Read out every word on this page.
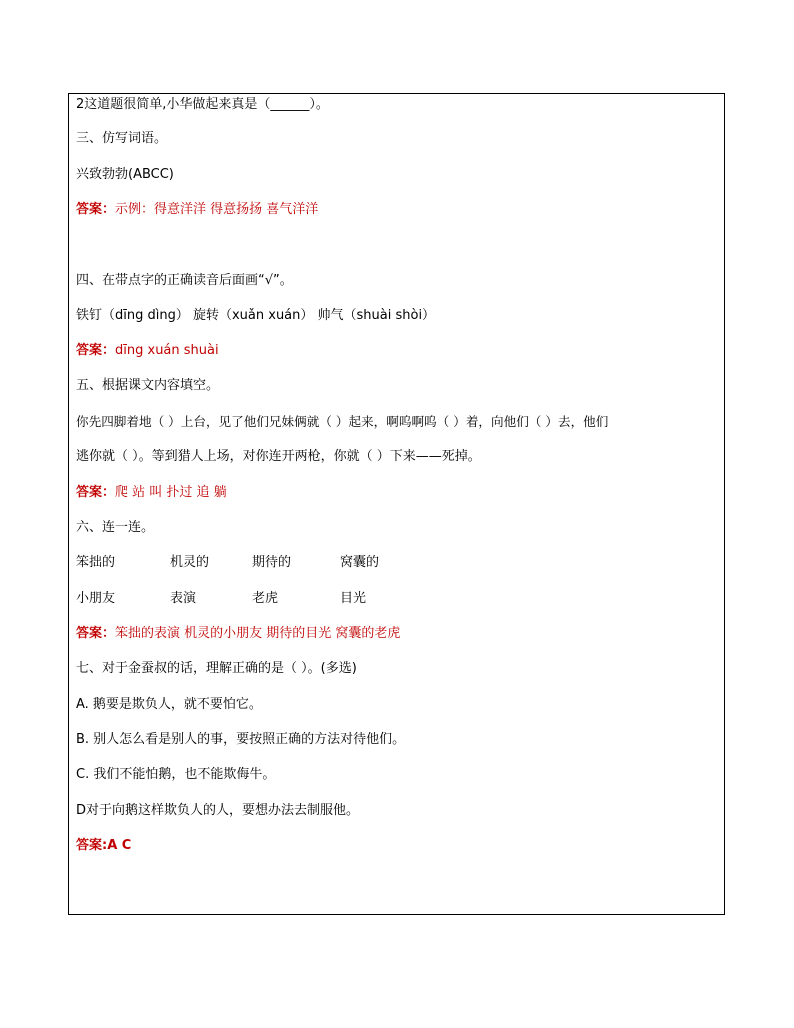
2这道题很简单,小华做起来真是（______）。
三、仿写词语。
兴致勃勃(ABCC)
答案：示例：得意洋洋 得意扬扬 喜气洋洋
四、在带点字的正确读音后面画“√”。
铁钉（dīng dìng） 旋转（xuǎn xuán） 帅气（shuài shòi）
答案：dīng xuán shuài
五、根据课文内容填空。
你先四脚着地（ ）上台，见了他们兄妹俩就（ ）起来，啊呜啊呜（ ）着，向他们（ ）去，他们
逃你就（ ）。等到猎人上场，对你连开两枪，你就（ ）下来——死掉。
答案：爬 站 叫 扑过 追 躺
六、连一连。
笨拙的	机灵的	期待的	窝囊的
小朋友	表演	老虎	目光
答案：笨拙的表演 机灵的小朋友 期待的目光 窝囊的老虎
七、对于金蚕叔的话，理解正确的是（ ）。(多选)
A. 鹅要是欺负人，就不要怕它。
B. 别人怎么看是别人的事，要按照正确的方法对待他们。
C. 我们不能怕鹅，也不能欺侮牛。
D对于向鹅这样欺负人的人，要想办法去制服他。
答案:A C
